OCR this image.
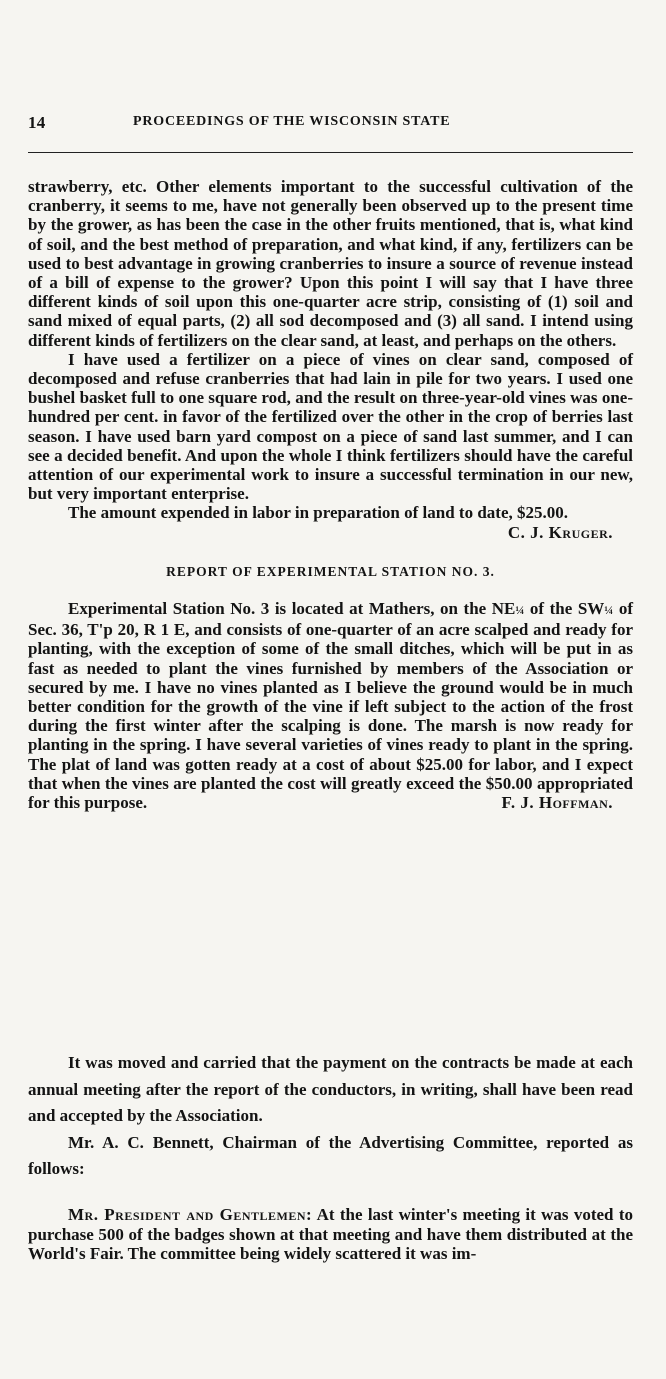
14	PROCEEDINGS OF THE WISCONSIN STATE

strawberry, etc. Other elements important to the successful cultivation of the cranberry, it seems to me, have not generally been observed up to the present time by the grower, as has been the case in the other fruits mentioned, that is, what kind of soil, and the best method of preparation, and what kind, if any, fertilizers can be used to best advantage in growing cranberries to insure a source of revenue instead of a bill of expense to the grower? Upon this point I will say that I have three different kinds of soil upon this one-quarter acre strip, consisting of (1) soil and sand mixed of equal parts, (2) all sod decomposed and (3) all sand. I intend using different kinds of fertilizers on the clear sand, at least, and perhaps on the others.

I have used a fertilizer on a piece of vines on clear sand, composed of decomposed and refuse cranberries that had lain in pile for two years. I used one bushel basket full to one square rod, and the result on three-year-old vines was one-hundred per cent. in favor of the fertilized over the other in the crop of berries last season. I have used barn yard compost on a piece of sand last summer, and I can see a decided benefit. And upon the whole I think fertilizers should have the careful attention of our experimental work to insure a successful termination in our new, but very important enterprise.

The amount expended in labor in preparation of land to date, $25.00.
C. J. Kruger.

REPORT OF EXPERIMENTAL STATION NO. 3.

Experimental Station No. 3 is located at Mathers, on the NE¼ of the SW¼ of Sec. 36, T'p 20, R 1 E, and consists of one-quarter of an acre scalped and ready for planting, with the exception of some of the small ditches, which will be put in as fast as needed to plant the vines furnished by members of the Association or secured by me. I have no vines planted as I believe the ground would be in much better condition for the growth of the vine if left subject to the action of the frost during the first winter after the scalping is done. The marsh is now ready for planting in the spring. I have several varieties of vines ready to plant in the spring. The plat of land was gotten ready at a cost of about $25.00 for labor, and I expect that when the vines are planted the cost will greatly exceed the $50.00 appropriated for this purpose.	F. J. Hoffman.

It was moved and carried that the payment on the contracts be made at each annual meeting after the report of the conductors, in writing, shall have been read and accepted by the Association.

Mr. A. C. Bennett, Chairman of the Advertising Committee, reported as follows:

Mr. President and Gentlemen: At the last winter's meeting it was voted to purchase 500 of the badges shown at that meeting and have them distributed at the World's Fair. The committee being widely scattered it was im-
